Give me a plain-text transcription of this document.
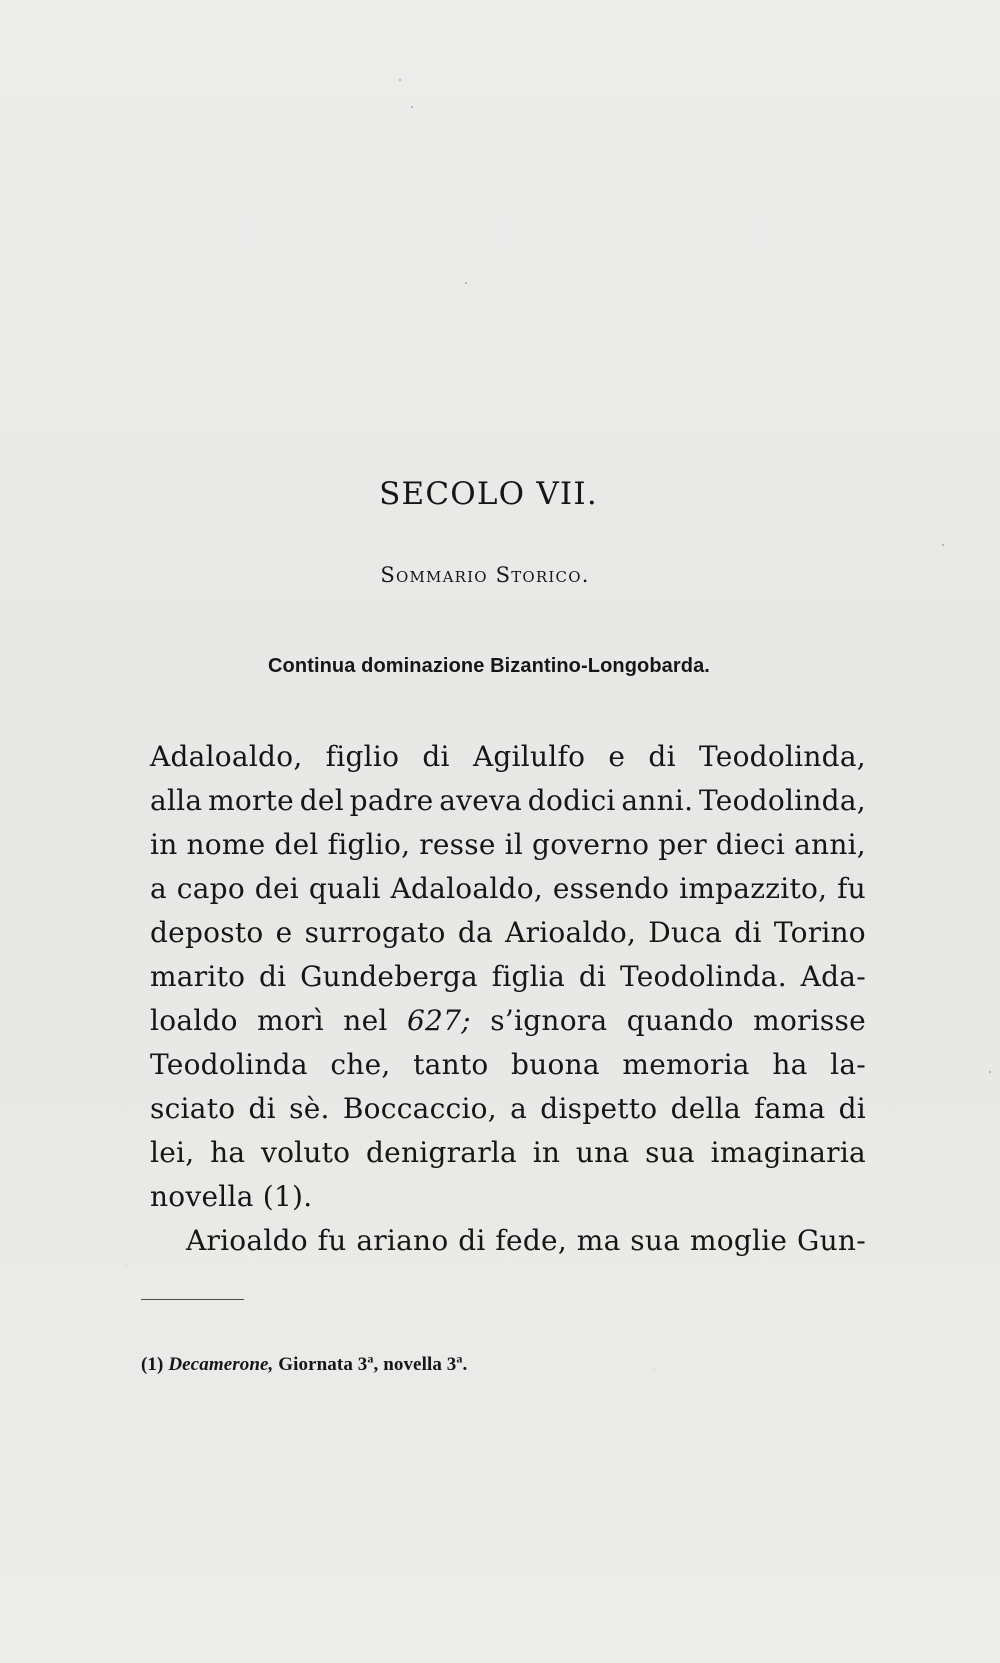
SECOLO VII.
Sommario Storico.
Continua dominazione Bizantino-Longobarda.
Adaloaldo, figlio di Agilulfo e di Teodolinda,
alla morte del padre aveva dodici anni. Teodolinda,
in nome del figlio, resse il governo per dieci anni,
a capo dei quali Adaloaldo, essendo impazzito, fu
deposto e surrogato da Arioaldo, Duca di Torino
marito di Gundeberga figlia di Teodolinda. Ada-
loaldo morì nel 627; s’ignora quando morisse
Teodolinda che, tanto buona memoria ha la-
sciato di sè. Boccaccio, a dispetto della fama di
lei, ha voluto denigrarla in una sua imaginaria
novella (1).
Arioaldo fu ariano di fede, ma sua moglie Gun-
(1) Decamerone, Giornata 3$^a$, novella 3$^a$.
